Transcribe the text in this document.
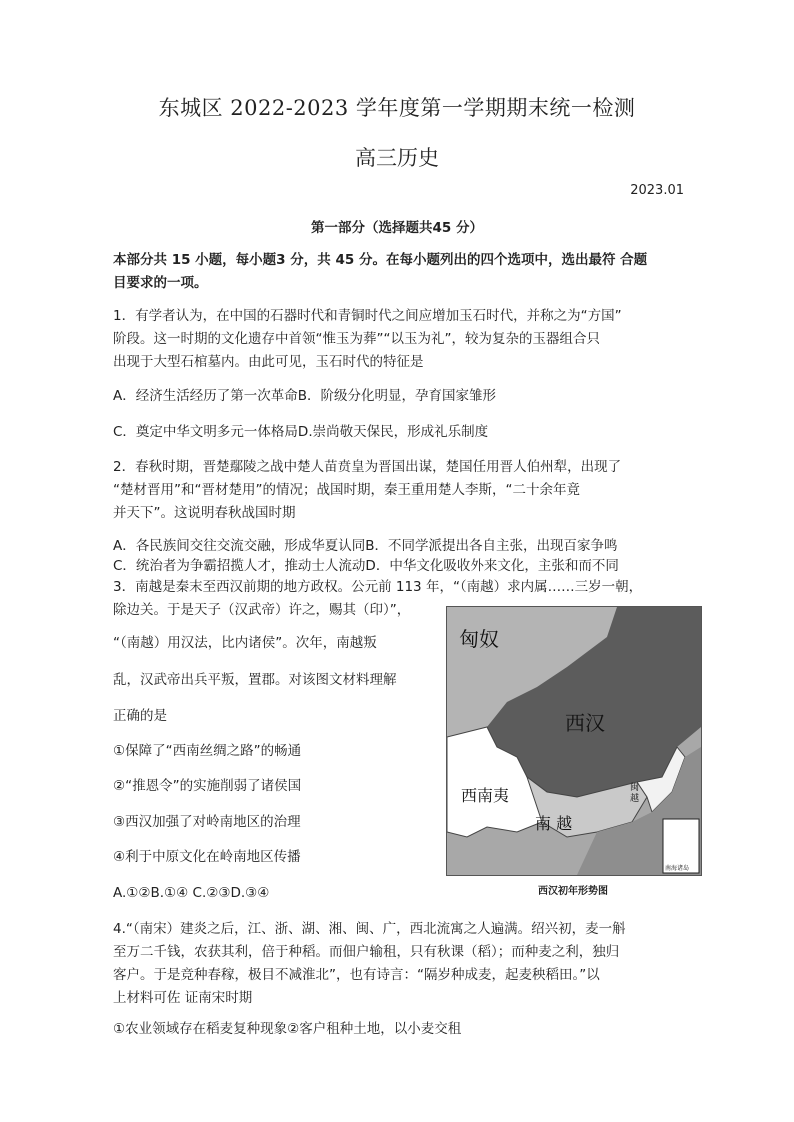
东城区 2022-2023 学年度第一学期期末统一检测
高三历史
2023.01
第一部分（选择题共45 分）
本部分共 15 小题，每小题3 分，共 45 分。在每小题列出的四个选项中，选出最符 合题
目要求的一项。
1．有学者认为，在中国的石器时代和青铜时代之间应增加玉石时代，并称之为“方国”
阶段。这一时期的文化遗存中首领“惟玉为葬”“以玉为礼”，较为复杂的玉器组合只
出现于大型石棺墓内。由此可见，玉石时代的特征是
A．经济生活经历了第一次革命B．阶级分化明显，孕育国家雏形
C．奠定中华文明多元一体格局D.崇尚敬天保民，形成礼乐制度
2．春秋时期，晋楚鄢陵之战中楚人苗贲皇为晋国出谋，楚国任用晋人伯州犁，出现了
“楚材晋用”和“晋材楚用”的情况；战国时期，秦王重用楚人李斯，“二十余年竟
并天下”。这说明春秋战国时期
A．各民族间交往交流交融，形成华夏认同B．不同学派提出各自主张，出现百家争鸣
C．统治者为争霸招揽人才，推动士人流动D．中华文化吸收外来文化，主张和而不同
3．南越是秦末至西汉前期的地方政权。公元前 113 年，“（南越）求内属……三岁一朝，
除边关。于是天子（汉武帝）许之，赐其（印）”，
“（南越）用汉法，比内诸侯”。次年，南越叛
乱，汉武帝出兵平叛，置郡。对该图文材料理解
正确的是
①保障了“西南丝绸之路”的畅通
②“推恩令”的实施削弱了诸侯国
③西汉加强了对岭南地区的治理
④利于中原文化在岭南地区传播
A.①②B.①④ C.②③D.③④
匈奴
西汉
西南夷
南 越
闽越
南海诸岛
西汉初年形势图
4.“（南宋）建炎之后，江、浙、湖、湘、闽、广，西北流寓之人遍满。绍兴初，麦一斛
至万二千钱，农获其利，倍于种稻。而佃户输租，只有秋课（稻）；而种麦之利，独归
客户。于是竞种春稼，极目不减淮北”，也有诗言：“隔岁种成麦，起麦秧稻田。”以
上材料可佐 证南宋时期
①农业领域存在稻麦复种现象②客户租种土地，以小麦交租
